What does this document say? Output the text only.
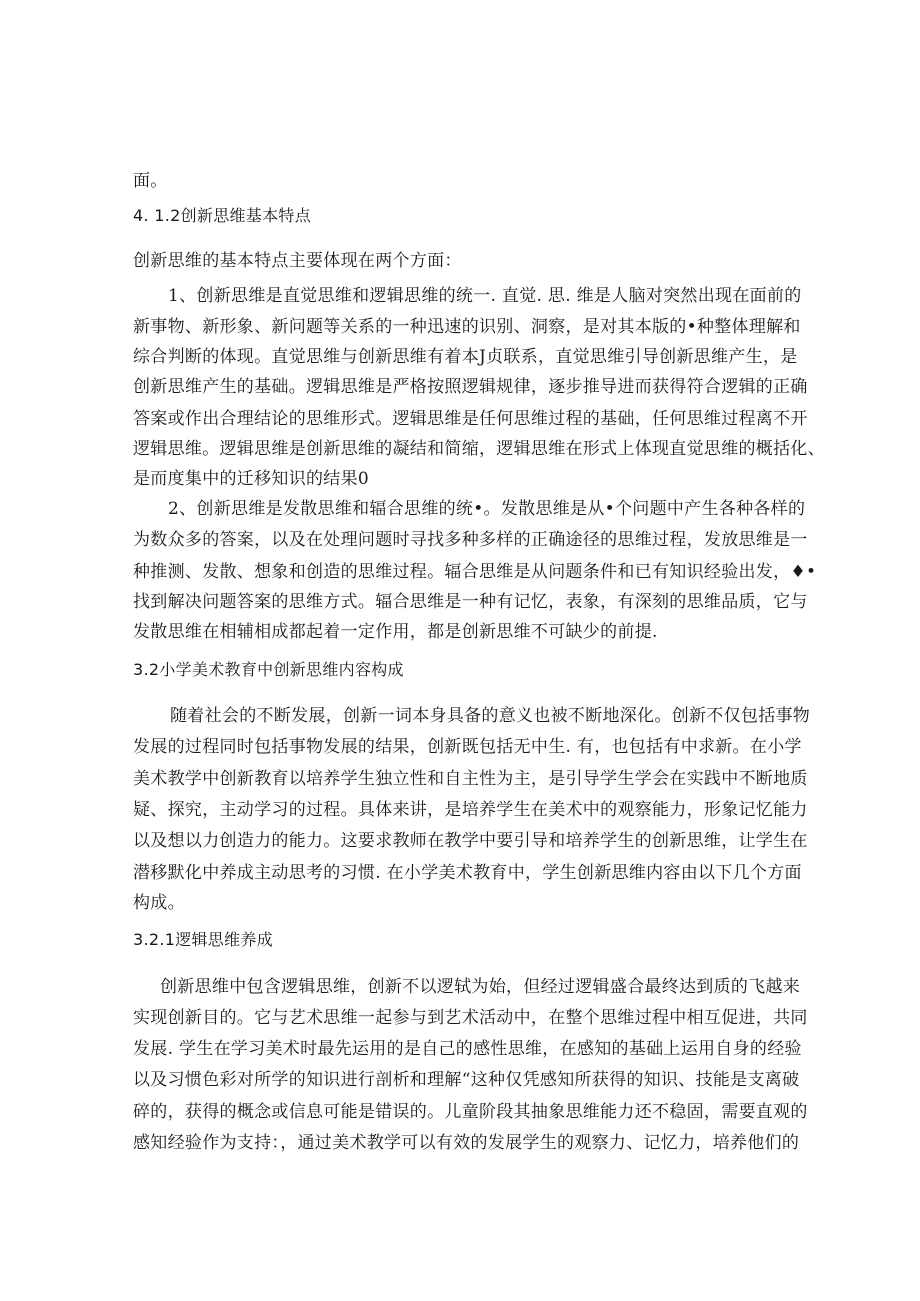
面。
4. 1.2创新思维基本特点
创新思维的基本特点主要体现在两个方面：
1、创新思维是直觉思维和逻辑思维的统一. 直觉. 思. 维是人脑对突然出现在面前的
新事物、新形象、新问题等关系的一种迅速的识别、洞察，是对其本版的•种整体理解和
综合判断的体现。直觉思维与创新思维有着本J贞联系，直觉思维引导创新思维产生，是
创新思维产生的基础。逻辑思维是严格按照逻辑规律，逐步推导进而获得符合逻辑的正确
答案或作出合理结论的思维形式。逻辑思维是任何思维过程的基础，任何思维过程离不开
逻辑思维。逻辑思维是创新思维的凝结和简缩，逻辑思维在形式上体现直觉思维的概括化、
是而度集中的迁移知识的结果0
2、创新思维是发散思维和辐合思维的统•。发散思维是从•个问题中产生各种各样的
为数众多的答案，以及在处理问题时寻找多种多样的正确途径的思维过程，发放思维是一
种推测、发散、想象和创造的思维过程。辐合思维是从问题条件和已有知识经验出发，♦•
找到解决问题答案的思维方式。辐合思维是一种有记忆，表象，有深刻的思维品质，它与
发散思维在相辅相成都起着一定作用，都是创新思维不可缺少的前提.
3.2小学美术教育中创新思维内容构成
随着社会的不断发展，创新一词本身具备的意义也被不断地深化。创新不仅包括事物
发展的过程同时包括事物发展的结果，创新既包括无中生. 有，也包括有中求新。在小学
美术教学中创新教育以培养学生独立性和自主性为主，是引导学生学会在实践中不断地质
疑、探究，主动学习的过程。具体来讲，是培养学生在美术中的观察能力，形象记忆能力
以及想以力创造力的能力。这要求教师在教学中要引导和培养学生的创新思维，让学生在
潜移默化中养成主动思考的习惯. 在小学美术教育中，学生创新思维内容由以下几个方面
构成。
3.2.1逻辑思维养成
创新思维中包含逻辑思维，创新不以逻轼为始，但经过逻辑盛合最终达到质的飞越来
实现创新目的。它与艺术思维一起参与到艺术活动中，在整个思维过程中相互促进，共同
发展. 学生在学习美术时最先运用的是自己的感性思维，在感知的基础上运用自身的经验
以及习惯色彩对所学的知识进行剖析和理解“这种仅凭感知所获得的知识、技能是支离破
碎的，获得的概念或信息可能是错误的。儿童阶段其抽象思维能力还不稳固，需要直观的
感知经验作为支持：，通过美术教学可以有效的发展学生的观察力、记忆力，培养他们的
